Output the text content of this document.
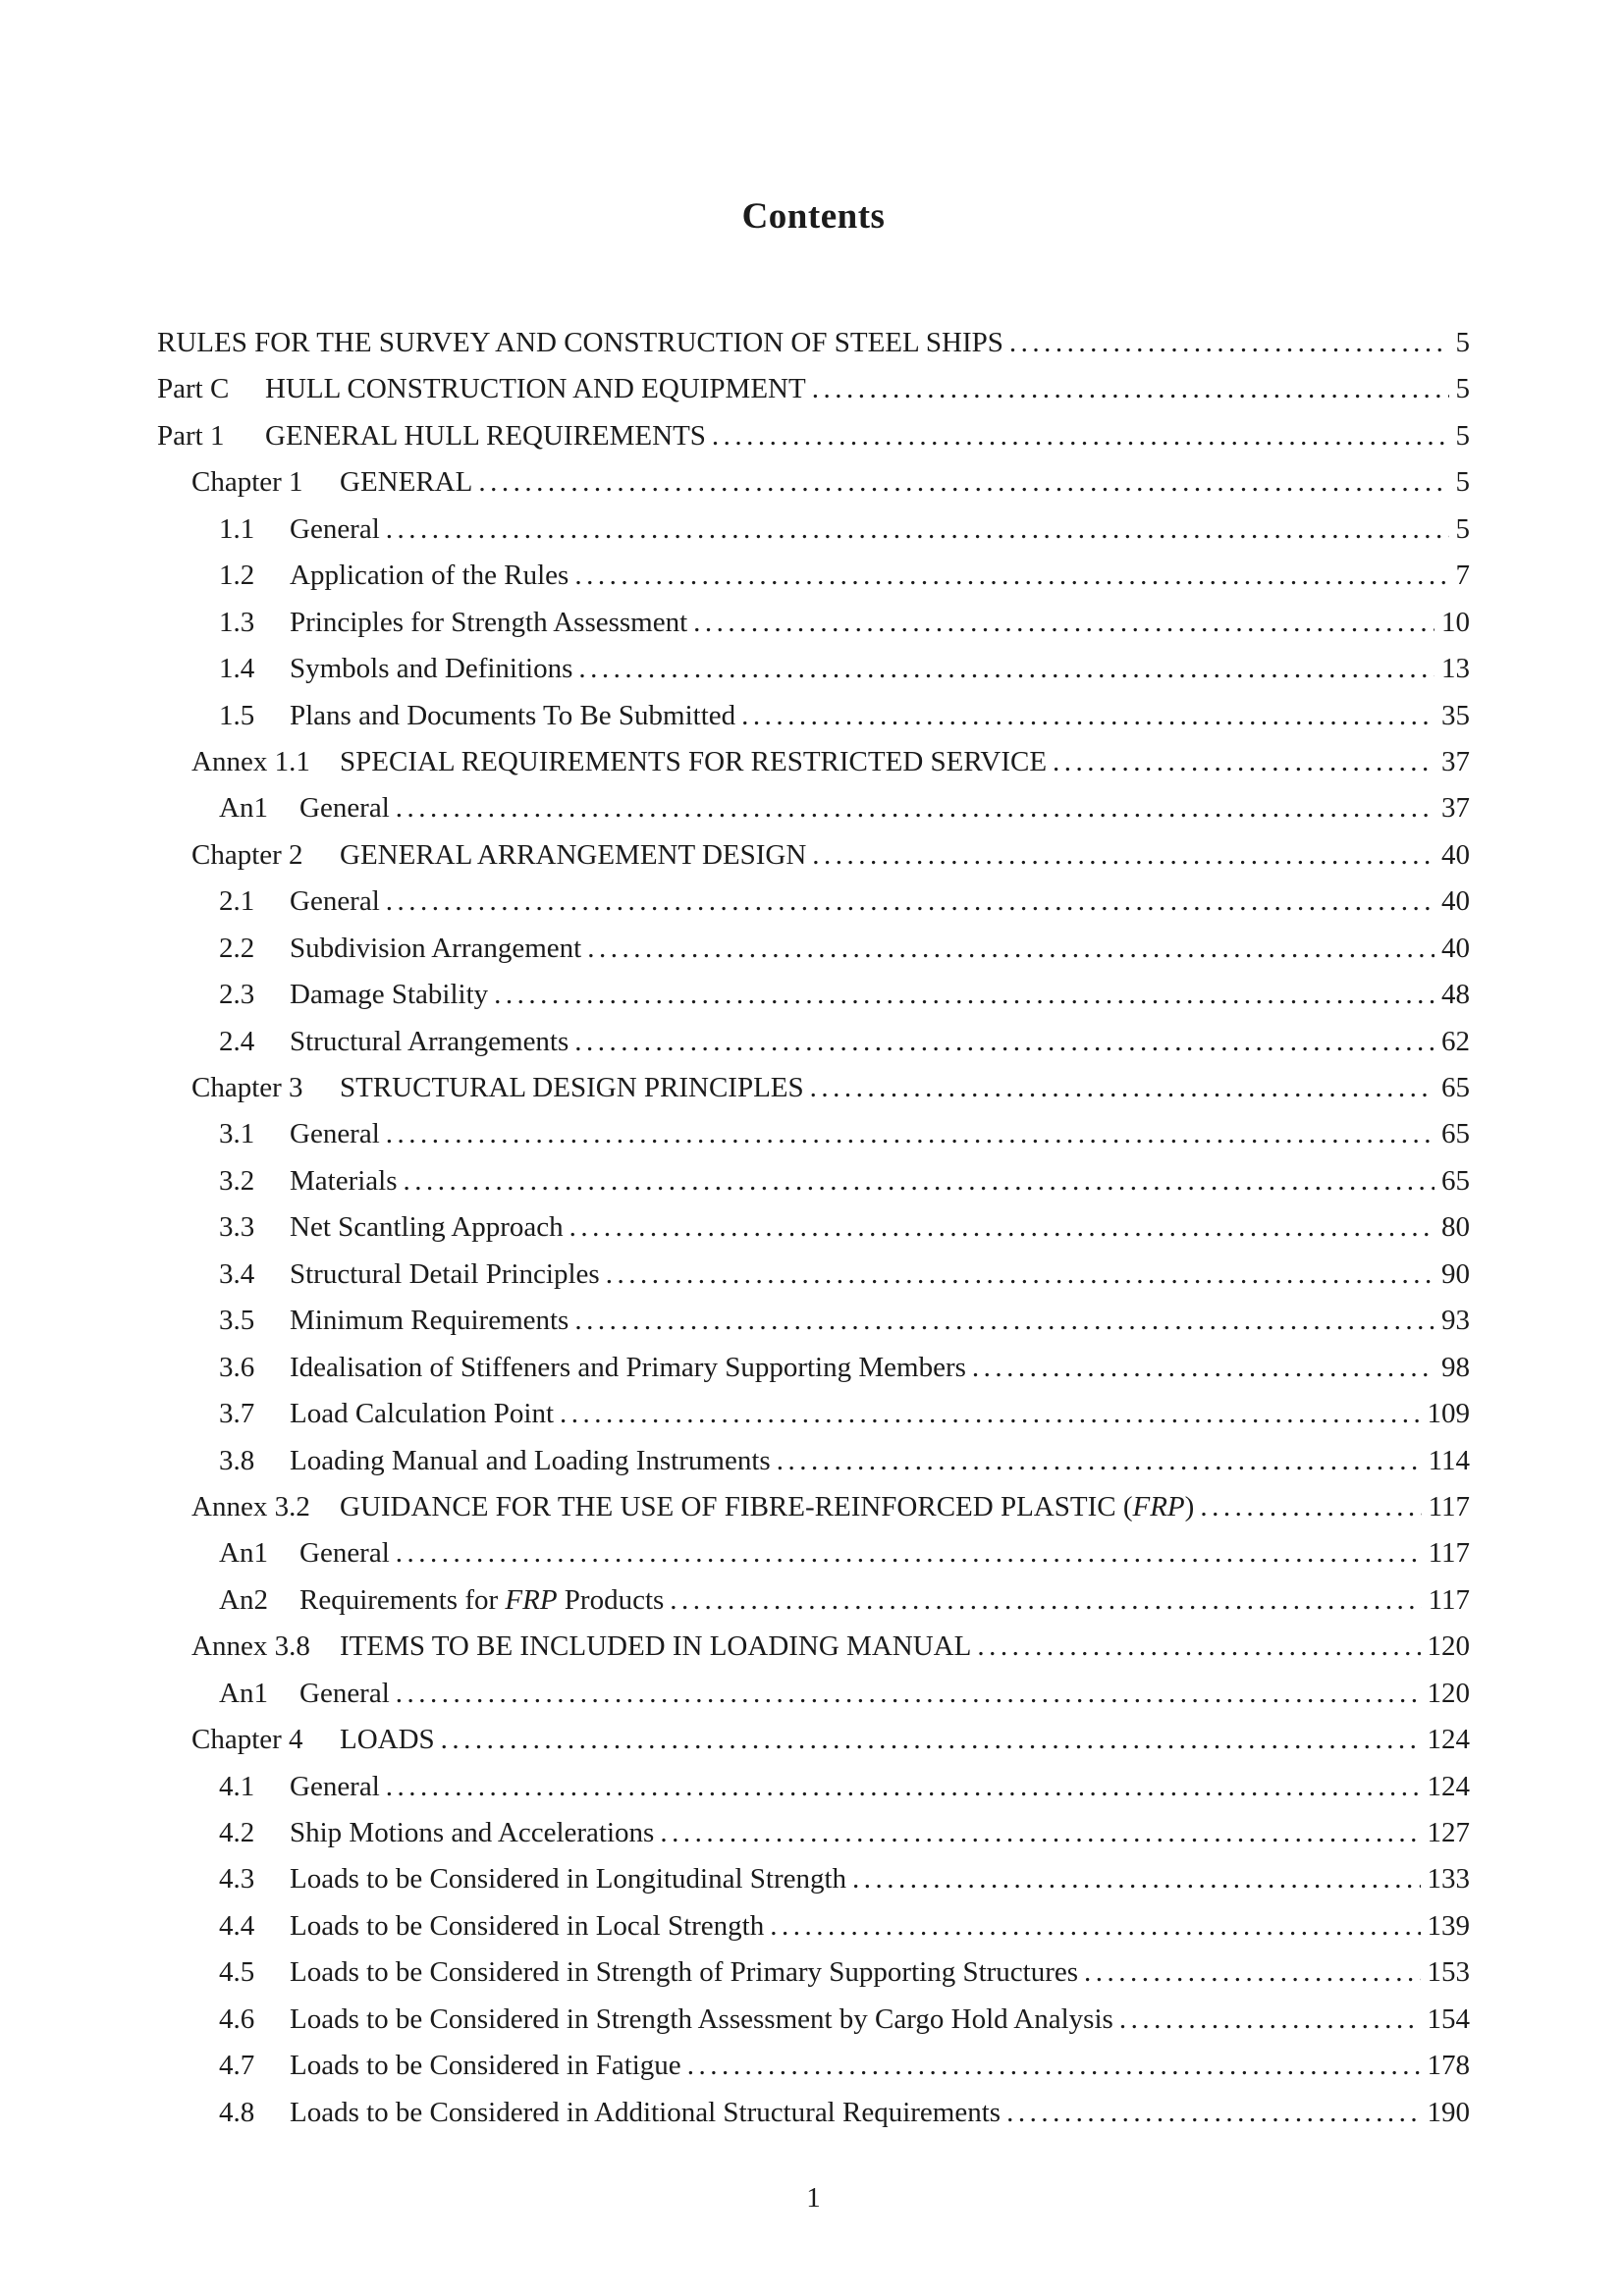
Contents
RULES FOR THE SURVEY AND CONSTRUCTION OF STEEL SHIPS .....	5
Part C	HULL CONSTRUCTION AND EQUIPMENT .....	5
Part 1	GENERAL HULL REQUIREMENTS .....	5
Chapter 1	GENERAL .....	5
1.1	General .....	5
1.2	Application of the Rules .....	7
1.3	Principles for Strength Assessment .....	10
1.4	Symbols and Definitions .....	13
1.5	Plans and Documents To Be Submitted .....	35
Annex 1.1	SPECIAL REQUIREMENTS FOR RESTRICTED SERVICE .....	37
An1	General .....	37
Chapter 2	GENERAL ARRANGEMENT DESIGN .....	40
2.1	General .....	40
2.2	Subdivision Arrangement .....	40
2.3	Damage Stability .....	48
2.4	Structural Arrangements .....	62
Chapter 3	STRUCTURAL DESIGN PRINCIPLES .....	65
3.1	General .....	65
3.2	Materials .....	65
3.3	Net Scantling Approach .....	80
3.4	Structural Detail Principles .....	90
3.5	Minimum Requirements .....	93
3.6	Idealisation of Stiffeners and Primary Supporting Members .....	98
3.7	Load Calculation Point .....	109
3.8	Loading Manual and Loading Instruments .....	114
Annex 3.2	GUIDANCE FOR THE USE OF FIBRE-REINFORCED PLASTIC (FRP) .....	117
An1	General .....	117
An2	Requirements for FRP Products .....	117
Annex 3.8	ITEMS TO BE INCLUDED IN LOADING MANUAL .....	120
An1	General .....	120
Chapter 4	LOADS .....	124
4.1	General .....	124
4.2	Ship Motions and Accelerations .....	127
4.3	Loads to be Considered in Longitudinal Strength .....	133
4.4	Loads to be Considered in Local Strength .....	139
4.5	Loads to be Considered in Strength of Primary Supporting Structures .....	153
4.6	Loads to be Considered in Strength Assessment by Cargo Hold Analysis .....	154
4.7	Loads to be Considered in Fatigue .....	178
4.8	Loads to be Considered in Additional Structural Requirements .....	190
1
